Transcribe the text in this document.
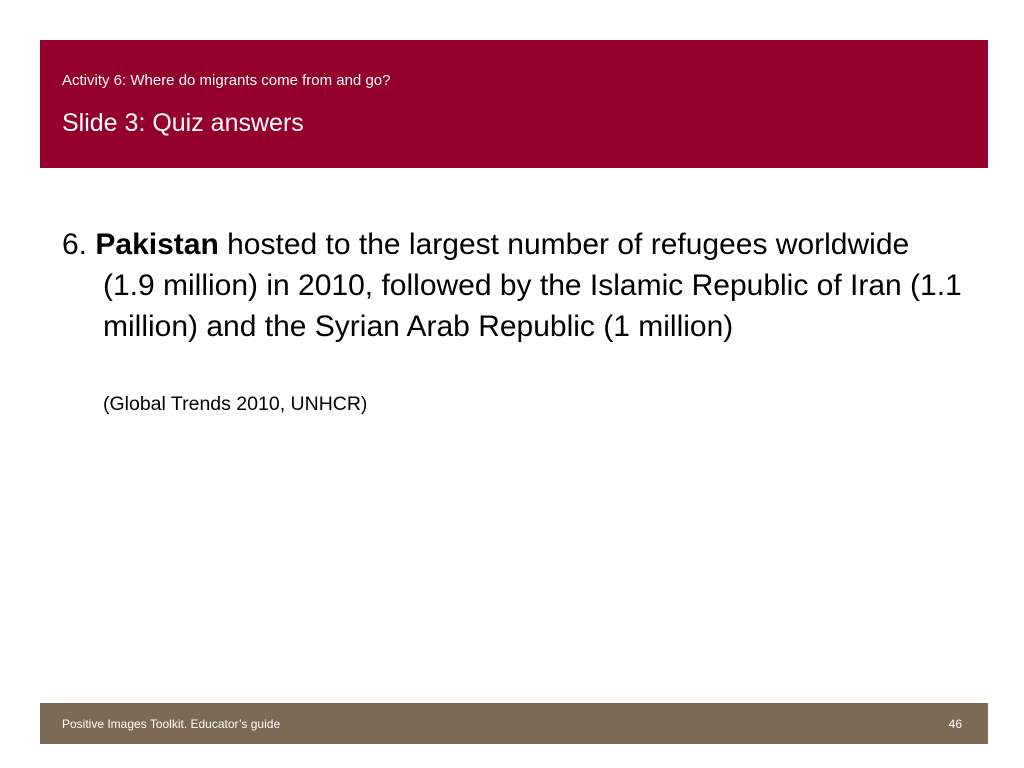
Activity 6: Where do migrants come from and go?
Slide 3: Quiz answers

6. Pakistan hosted to the largest number of refugees worldwide (1.9 million) in 2010, followed by the Islamic Republic of Iran (1.1 million) and the Syrian Arab Republic (1 million)

(Global Trends 2010, UNHCR)
Positive Images Toolkit. Educator’s guide	46
